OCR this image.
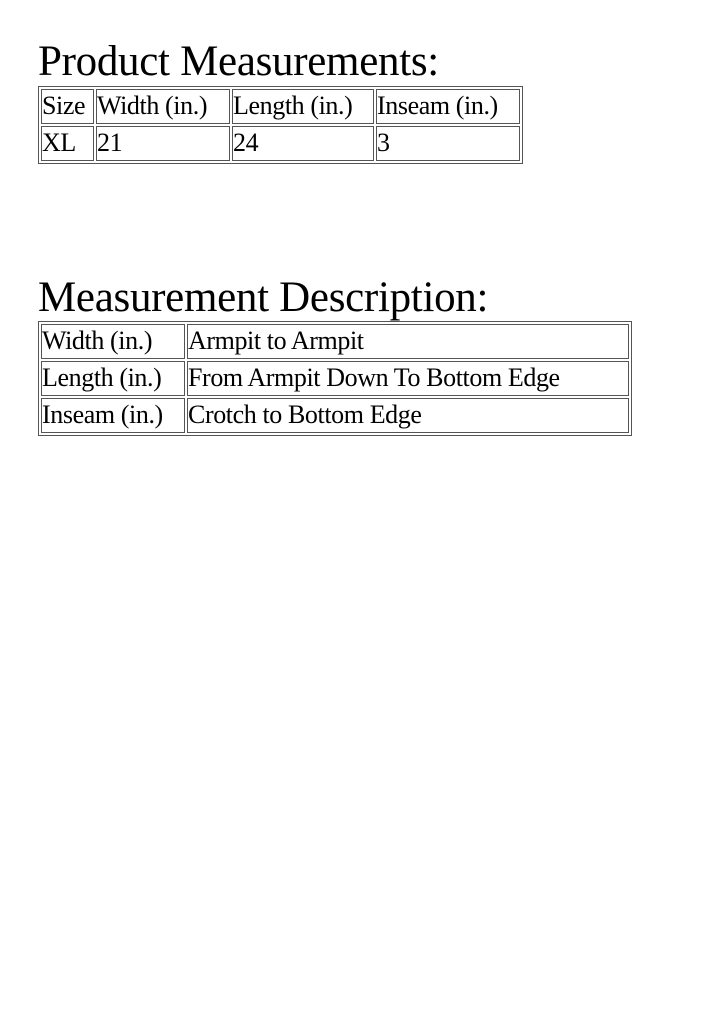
Product Measurements:
Size	Width (in.)	Length (in.)	Inseam (in.)
XL	21	24	3
Measurement Description:
Width (in.)	Armpit to Armpit
Length (in.)	From Armpit Down To Bottom Edge
Inseam (in.)	Crotch to Bottom Edge
